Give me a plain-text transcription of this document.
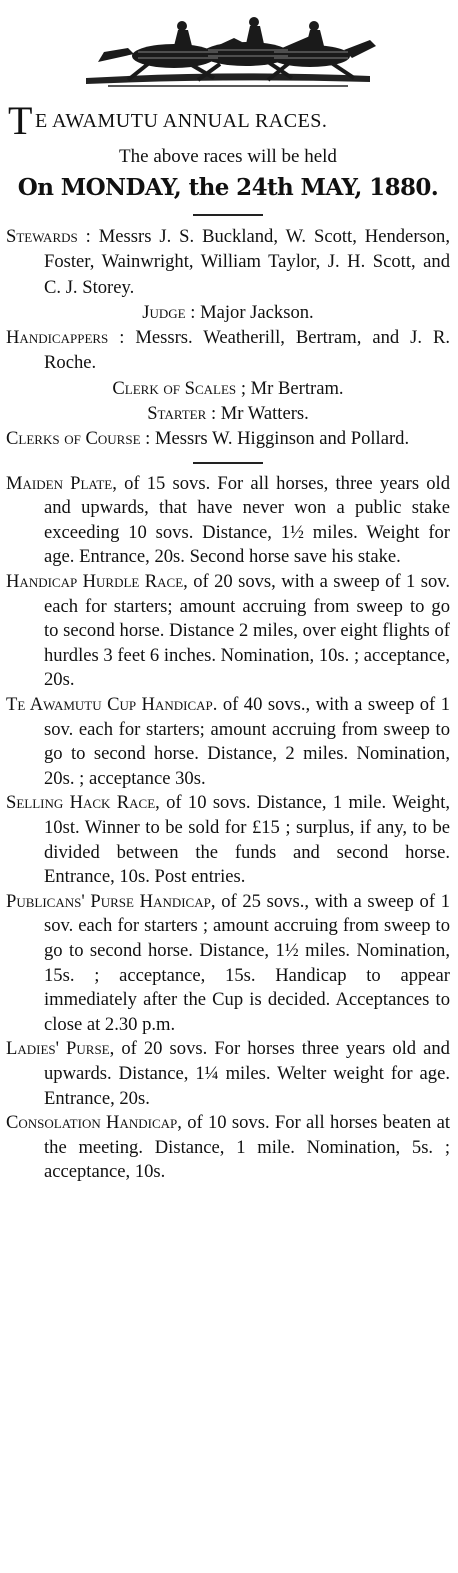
T E AWAMUTU ANNUAL RACES.
The above races will be held
On MONDAY, the 24th MAY, 1880.

Stewards : Messrs J. S. Buckland, W. Scott, Henderson, Foster, Wainwright, William Taylor, J. H. Scott, and C. J. Storey.

Judge : Major Jackson.

Handicappers : Messrs. Weatherill, Bertram, and J. R. Roche.

Clerk of Scales ; Mr Bertram.

Starter : Mr Watters.

Clerks of Course : Messrs W. Higginson and Pollard.

Maiden Plate, of 15 sovs. For all horses, three years old and upwards, that have never won a public stake exceeding 10 sovs. Distance, 1½ miles. Weight for age. Entrance, 20s. Second horse save his stake.

Handicap Hurdle Race, of 20 sovs, with a sweep of 1 sov. each for starters; amount accruing from sweep to go to second horse. Distance 2 miles, over eight flights of hurdles 3 feet 6 inches. Nomination, 10s. ; acceptance, 20s.

Te Awamutu Cup Handicap. of 40 sovs., with a sweep of 1 sov. each for starters; amount accruing from sweep to go to second horse. Distance, 2 miles. Nomination, 20s. ; acceptance 30s.

Selling Hack Race, of 10 sovs. Distance, 1 mile. Weight, 10st. Winner to be sold for £15 ; surplus, if any, to be divided between the funds and second horse. Entrance, 10s. Post entries.

Publicans' Purse Handicap, of 25 sovs., with a sweep of 1 sov. each for starters ; amount accruing from sweep to go to second horse. Distance, 1½ miles. Nomination, 15s. ; acceptance, 15s. Handicap to appear immediately after the Cup is decided. Acceptances to close at 2.30 p.m.

Ladies' Purse, of 20 sovs. For horses three years old and upwards. Distance, 1¼ miles. Welter weight for age. Entrance, 20s.

Consolation Handicap, of 10 sovs. For all horses beaten at the meeting. Distance, 1 mile. Nomination, 5s. ; acceptance, 10s.
